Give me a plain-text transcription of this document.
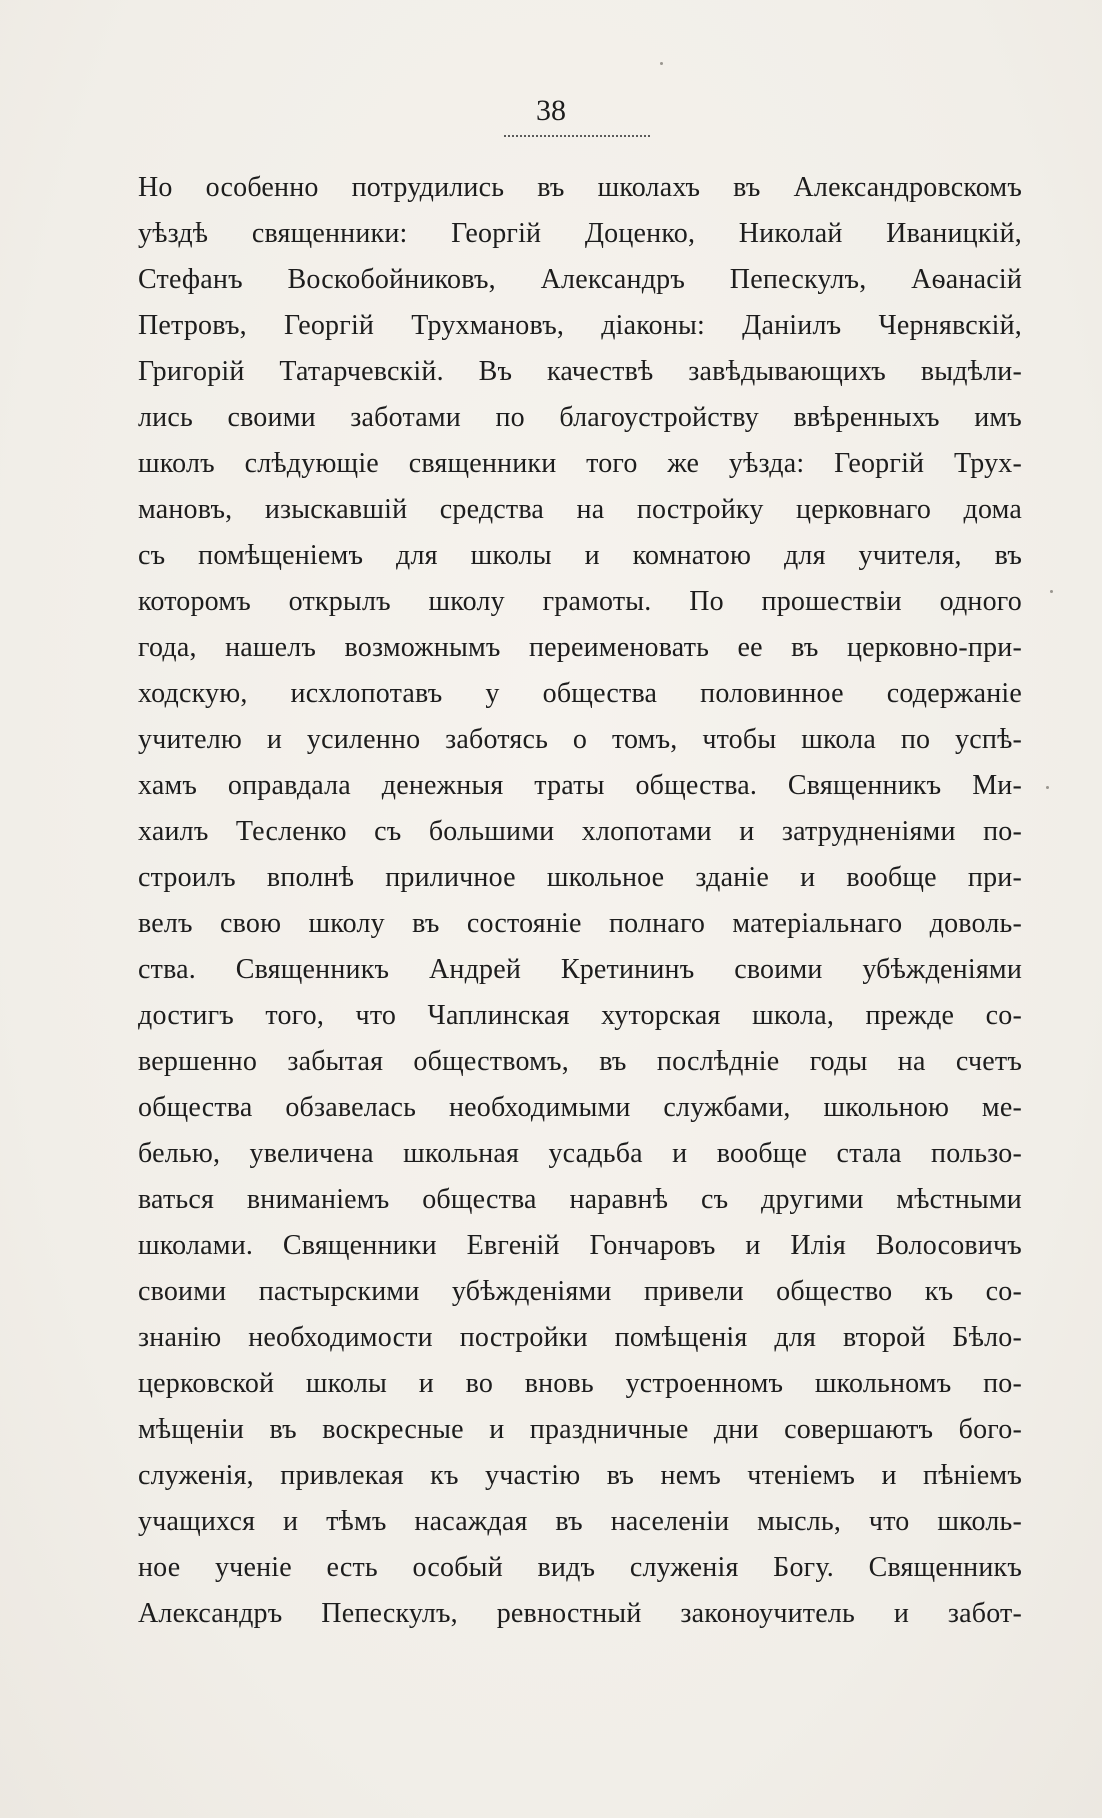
38

Но особенно потрудились въ школахъ въ Александровскомъ
уѣздѣ священники: Георгій Доценко, Николай Иваницкій,
Стефанъ Воскобойниковъ, Александръ Пепескулъ, Аѳанасій
Петровъ, Георгій Трухмановъ, діаконы: Даніилъ Чернявскій,
Григорій Татарчевскій. Въ качествѣ завѣдывающихъ выдѣли-
лись своими заботами по благоустройству ввѣренныхъ имъ
школъ слѣдующіе священники того же уѣзда: Георгій Трух-
мановъ, изыскавшій средства на постройку церковнаго дома
съ помѣщеніемъ для школы и комнатою для учителя, въ
которомъ открылъ школу грамоты. По прошествіи одного
года, нашелъ возможнымъ переименовать ее въ церковно-при-
ходскую, исхлопотавъ у общества половинное содержаніе
учителю и усиленно заботясь о томъ, чтобы школа по успѣ-
хамъ оправдала денежныя траты общества. Священникъ Ми-
хаилъ Тесленко съ большими хлопотами и затрудненіями по-
строилъ вполнѣ приличное школьное зданіе и вообще при-
велъ свою школу въ состояніе полнаго матеріальнаго доволь-
ства. Священникъ Андрей Кретининъ своими убѣжденіями
достигъ того, что Чаплинская хуторская школа, прежде со-
вершенно забытая обществомъ, въ послѣдніе годы на счетъ
общества обзавелась необходимыми службами, школьною ме-
белью, увеличена школьная усадьба и вообще стала пользо-
ваться вниманіемъ общества наравнѣ съ другими мѣстными
школами. Священники Евгеній Гончаровъ и Илія Волосовичъ
своими пастырскими убѣжденіями привели общество къ со-
знанію необходимости постройки помѣщенія для второй Бѣло-
церковской школы и во вновь устроенномъ школьномъ по-
мѣщеніи въ воскресные и праздничные дни совершаютъ бого-
служенія, привлекая къ участію въ немъ чтеніемъ и пѣніемъ
учащихся и тѣмъ насаждая въ населеніи мысль, что школь-
ное ученіе есть особый видъ служенія Богу. Священникъ
Александръ Пепескулъ, ревностный законоучитель и забот-
